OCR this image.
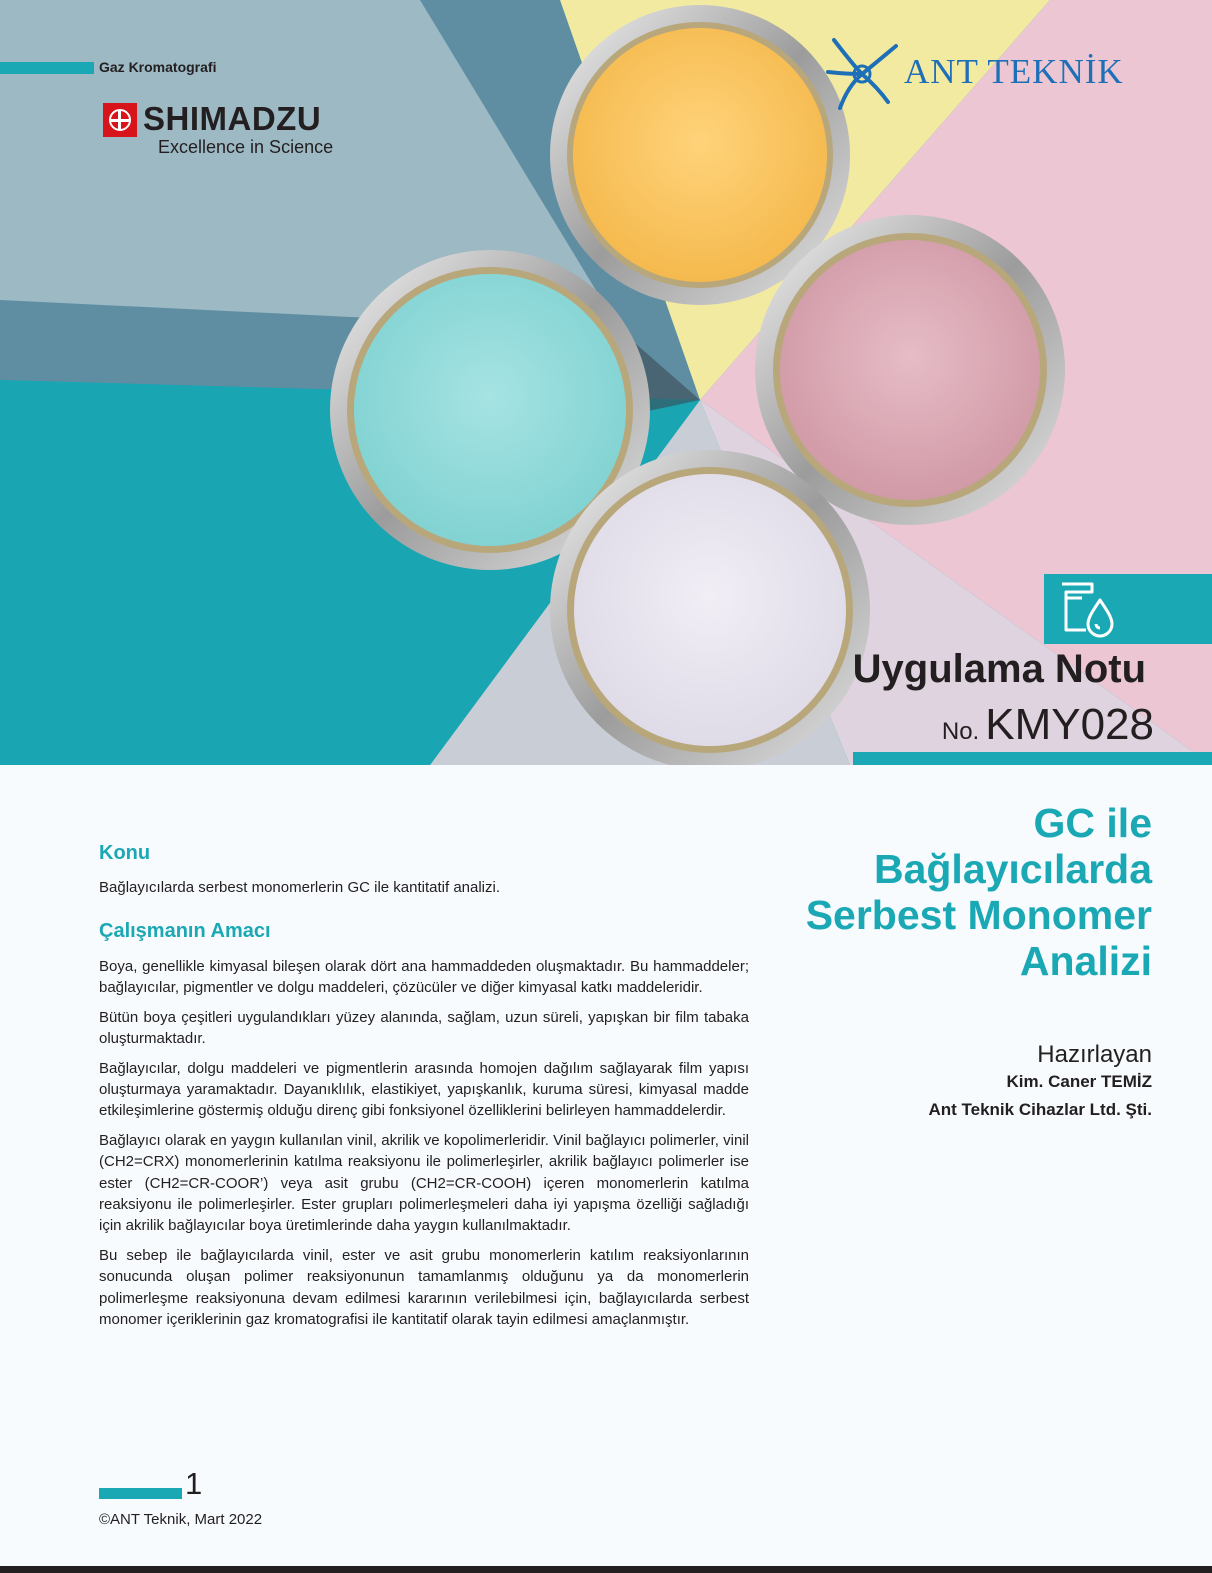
Gaz Kromatografi
SHIMADZU
Excellence in Science
ANT TEKNİK
Uygulama Notu
No. KMY028
GC ile
Bağlayıcılarda
Serbest Monomer
Analizi
Hazırlayan
Kim. Caner TEMİZ
Ant Teknik Cihazlar Ltd. Şti.
Konu

Bağlayıcılarda serbest monomerlerin GC ile kantitatif analizi.

Çalışmanın Amacı

Boya, genellikle kimyasal bileşen olarak dört ana hammaddeden oluşmaktadır. Bu hammaddeler; bağlayıcılar, pigmentler ve dolgu maddeleri, çözücüler ve diğer kimyasal katkı maddeleridir.

Bütün boya çeşitleri uygulandıkları yüzey alanında, sağlam, uzun süreli, yapışkan bir film tabaka oluşturmaktadır.

Bağlayıcılar, dolgu maddeleri ve pigmentlerin arasında homojen dağılım sağlayarak film yapısı oluşturmaya yaramaktadır. Dayanıklılık, elastikiyet, yapışkanlık, kuruma süresi, kimyasal madde etkileşimlerine göstermiş olduğu direnç gibi fonksiyonel özelliklerini belirleyen hammaddelerdir.

Bağlayıcı olarak en yaygın kullanılan vinil, akrilik ve kopolimerleridir. Vinil bağlayıcı polimerler, vinil (CH2=CRX) monomerlerinin katılma reaksiyonu ile polimerleşirler, akrilik bağlayıcı polimerler ise ester (CH2=CR-COOR’) veya asit grubu (CH2=CR-COOH) içeren monomerlerin katılma reaksiyonu ile polimerleşirler. Ester grupları polimerleşmeleri daha iyi yapışma özelliği sağladığı için akrilik bağlayıcılar boya üretimlerinde daha yaygın kullanılmaktadır.

Bu sebep ile bağlayıcılarda vinil, ester ve asit grubu monomerlerin katılım reaksiyonlarının sonucunda oluşan polimer reaksiyonunun tamamlanmış olduğunu ya da monomerlerin polimerleşme reaksiyonuna devam edilmesi kararının verilebilmesi için, bağlayıcılarda serbest monomer içeriklerinin gaz kromatografisi ile kantitatif olarak tayin edilmesi amaçlanmıştır.

1
©ANT Teknik, Mart 2022
